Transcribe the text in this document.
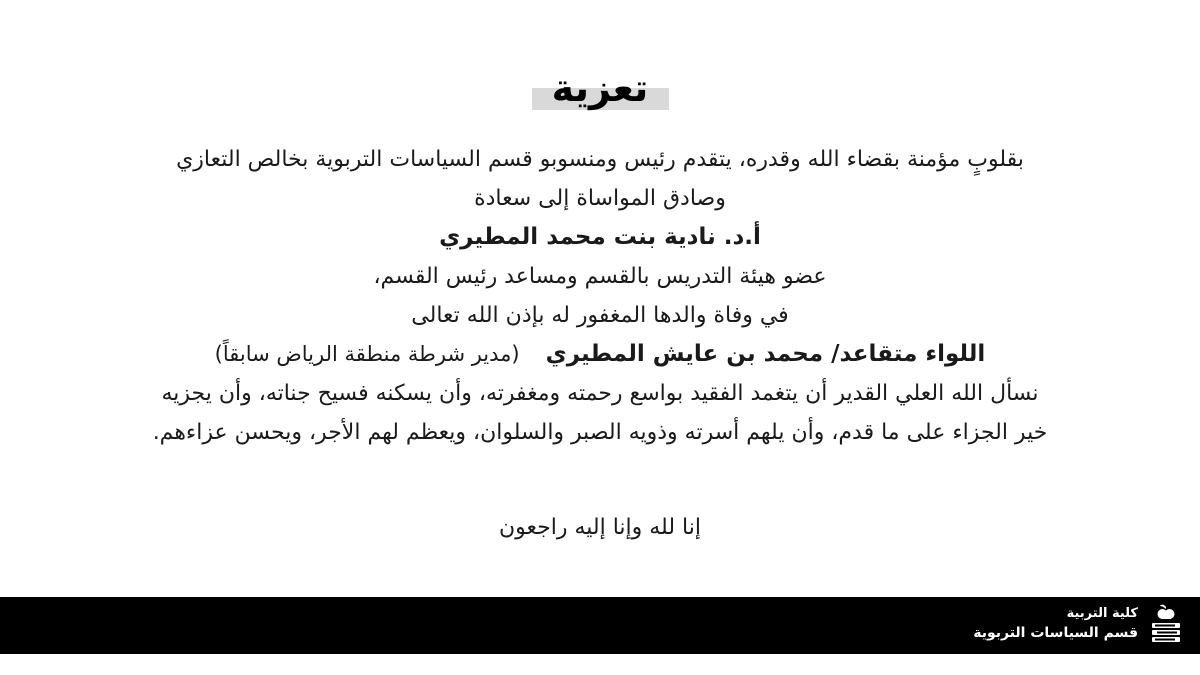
تعزية
بقلوبٍ مؤمنة بقضاء الله وقدره، يتقدم رئيس ومنسوبو قسم السياسات التربوية بخالص التعازي
وصادق المواساة إلى سعادة
أ.د. نادية بنت محمد المطيري
عضو هيئة التدريس بالقسم ومساعد رئيس القسم،
في وفاة والدها المغفور له بإذن الله تعالى
اللواء متقاعد/ محمد بن عايش المطيري (مدير شرطة منطقة الرياض سابقاً)
نسأل الله العلي القدير أن يتغمد الفقيد بواسع رحمته ومغفرته، وأن يسكنه فسيح جناته، وأن يجزيه
خير الجزاء على ما قدم، وأن يلهم أسرته وذويه الصبر والسلوان، ويعظم لهم الأجر، ويحسن عزاءهم.
إنا لله وإنا إليه راجعون
كلية التربية
قسم السياسات التربوية
